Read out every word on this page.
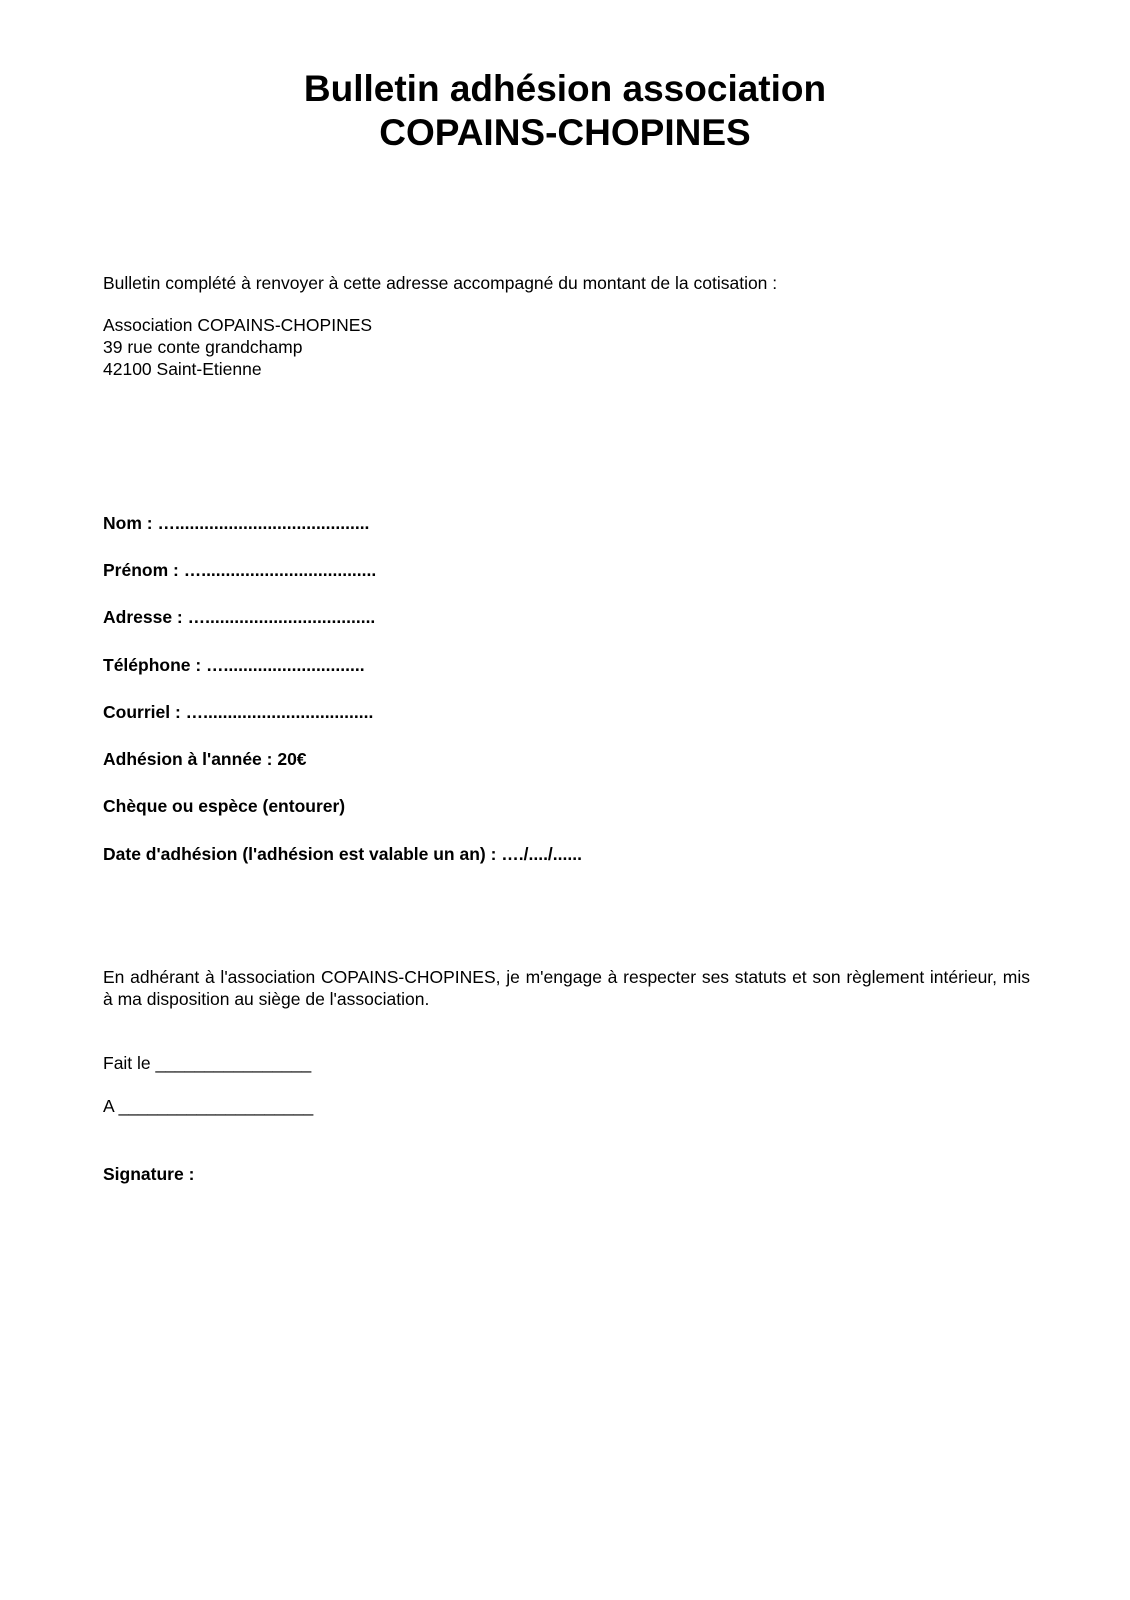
Bulletin adhésion association
COPAINS-CHOPINES
Bulletin complété à renvoyer à cette adresse accompagné du montant de la cotisation :
Association COPAINS-CHOPINES
39 rue conte grandchamp
42100 Saint-Etienne
Nom : …........................................
Prénom : …....................................
Adresse : …...................................
Téléphone : ….............................
Courriel : …...................................
Adhésion à l'année : 20€
Chèque ou espèce (entourer)
Date d'adhésion (l'adhésion est valable un an) : …./..../......
En adhérant à l'association COPAINS-CHOPINES, je m'engage à respecter ses statuts et son règlement intérieur, mis à ma disposition au siège de l'association.
Fait le ________________
A ____________________
Signature :
